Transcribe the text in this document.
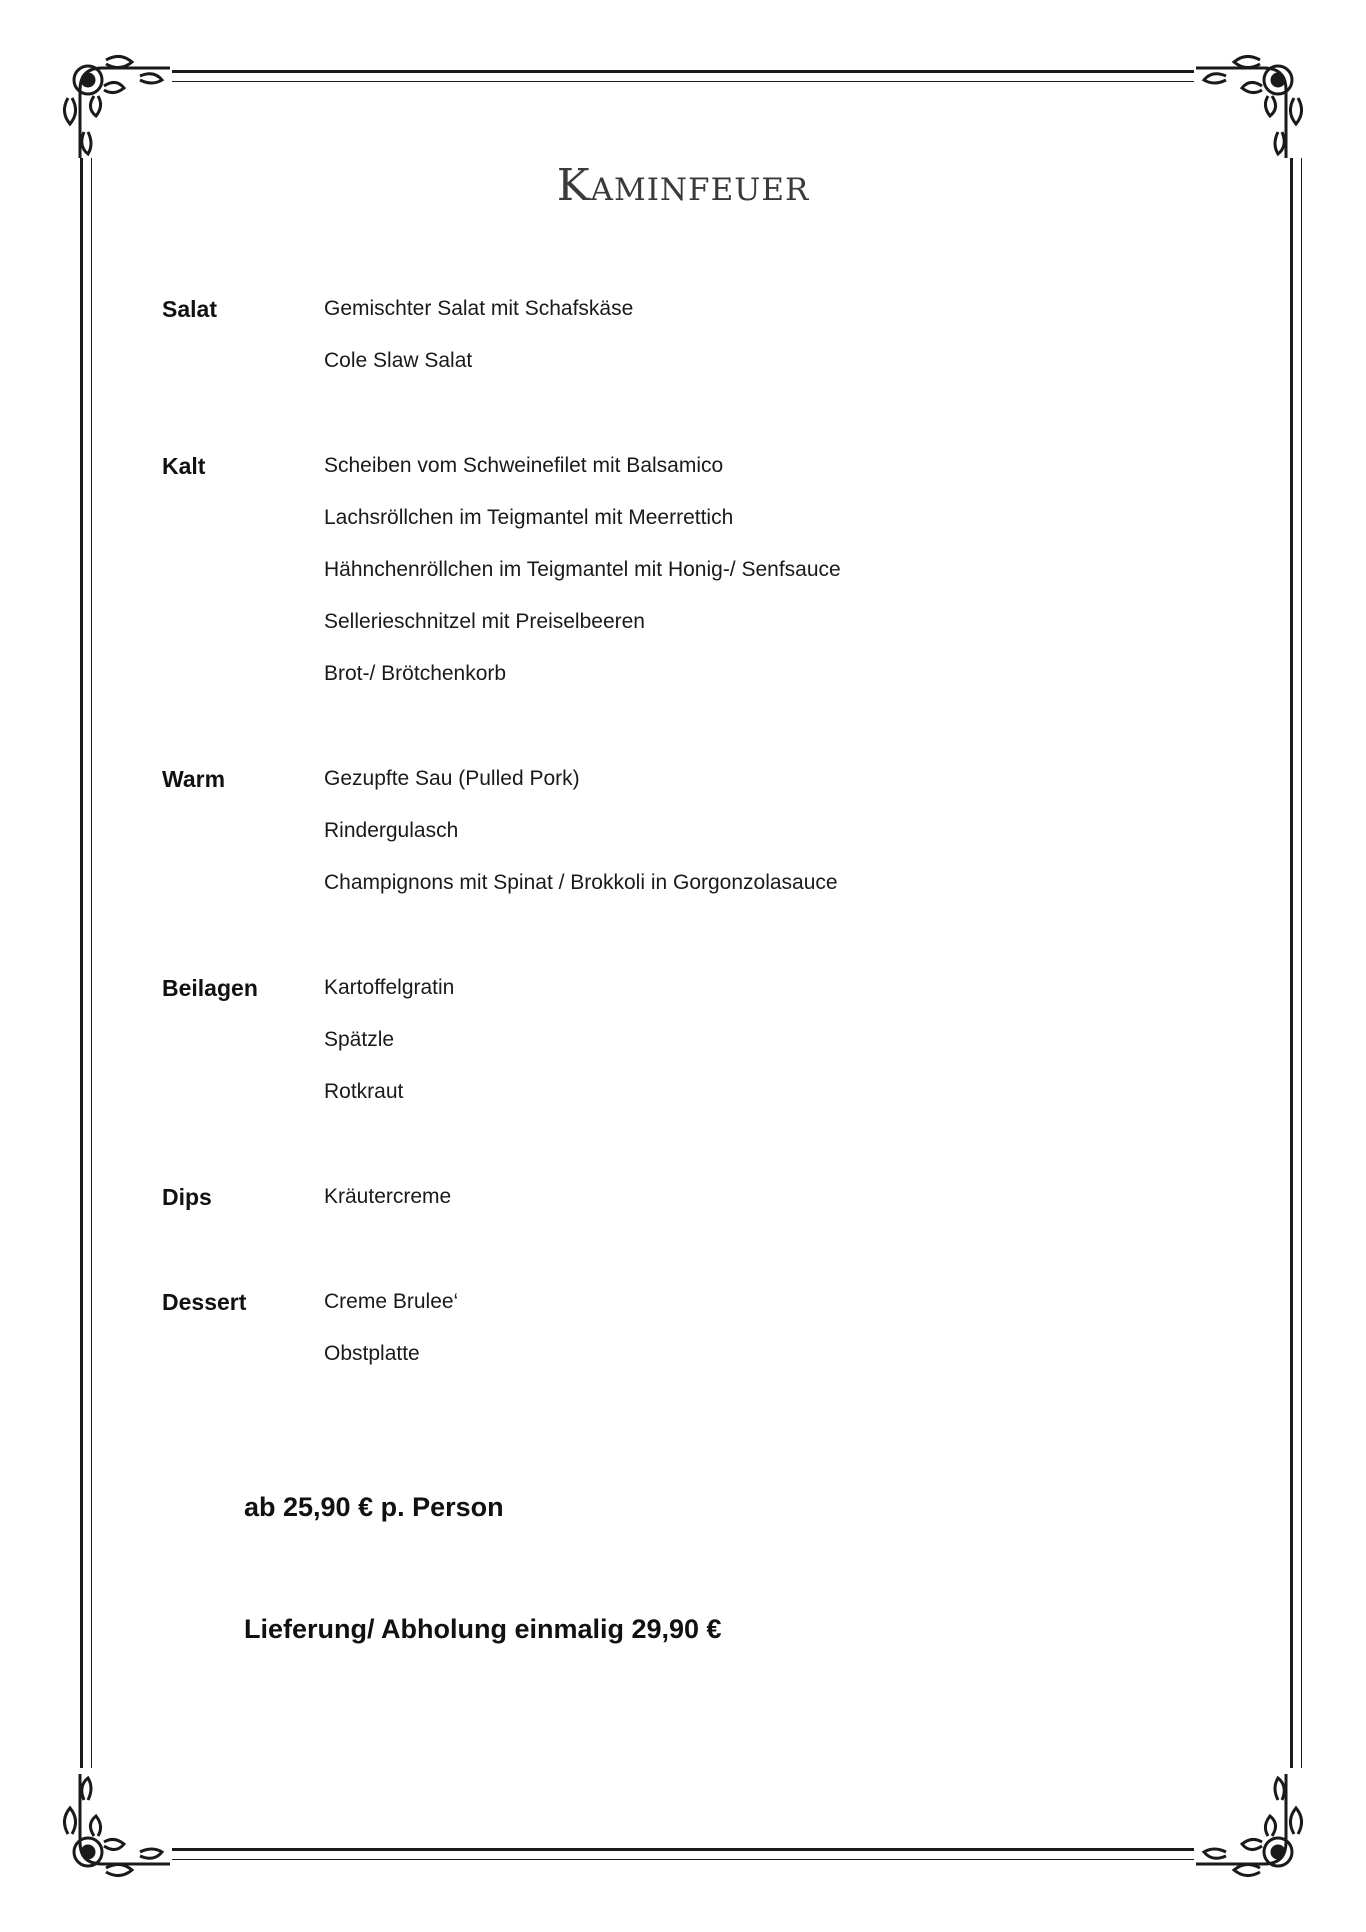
Kaminfeuer
Salat	Gemischter Salat mit Schafskäse
Cole Slaw Salat
Kalt	Scheiben vom Schweinefilet mit Balsamico
Lachsröllchen im Teigmantel mit Meerrettich
Hähnchenröllchen im Teigmantel mit Honig-/ Senfsauce
Sellerieschnitzel mit Preiselbeeren
Brot-/ Brötchenkorb
Warm	Gezupfte Sau (Pulled Pork)
Rindergulasch
Champignons mit Spinat / Brokkoli in Gorgonzolasauce
Beilagen	Kartoffelgratin
Spätzle
Rotkraut
Dips	Kräutercreme
Dessert	Creme Brulee‘
Obstplatte
ab 25,90 € p. Person
Lieferung/ Abholung einmalig 29,90 €
